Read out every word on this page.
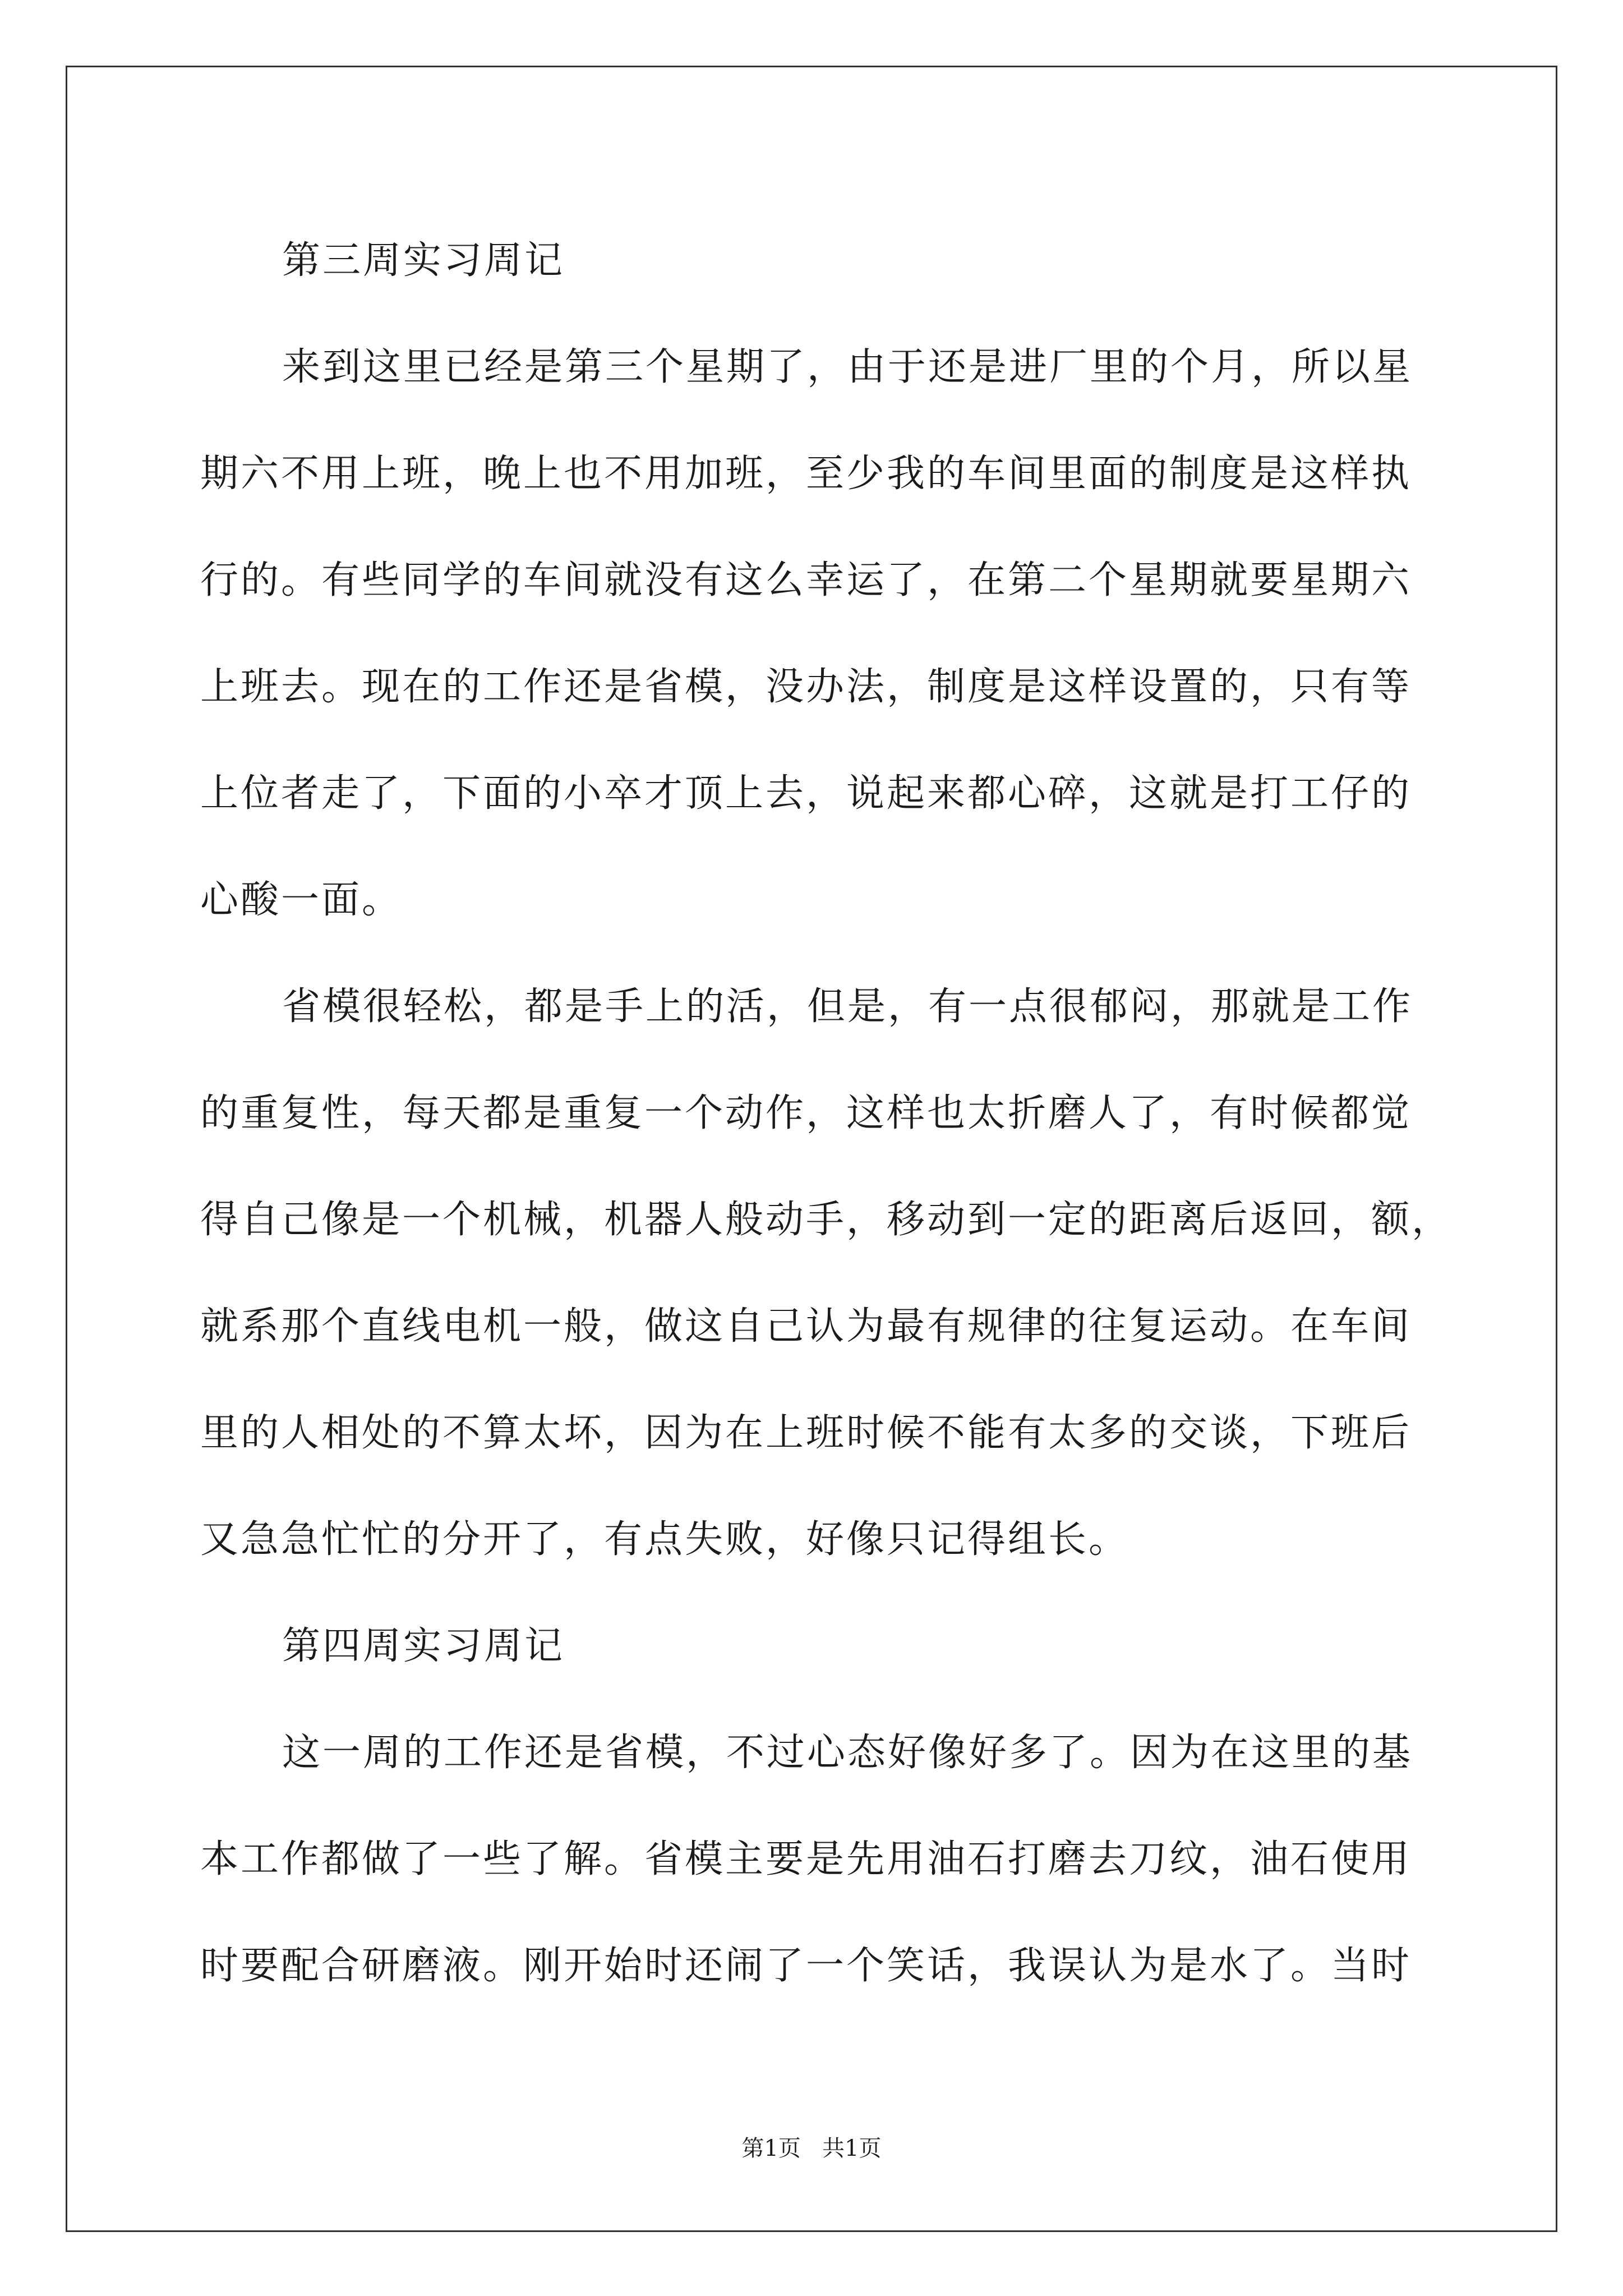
第三周实习周记
来到这里已经是第三个星期了，由于还是进厂里的个月，所以星
期六不用上班，晚上也不用加班，至少我的车间里面的制度是这样执
行的。有些同学的车间就没有这么幸运了，在第二个星期就要星期六
上班去。现在的工作还是省模，没办法，制度是这样设置的，只有等
上位者走了，下面的小卒才顶上去，说起来都心碎，这就是打工仔的
心酸一面。
省模很轻松，都是手上的活，但是，有一点很郁闷，那就是工作
的重复性，每天都是重复一个动作，这样也太折磨人了，有时候都觉
得自己像是一个机械，机器人般动手，移动到一定的距离后返回，额，
就系那个直线电机一般，做这自己认为最有规律的往复运动。在车间
里的人相处的不算太坏，因为在上班时候不能有太多的交谈，下班后
又急急忙忙的分开了，有点失败，好像只记得组长。
第四周实习周记
这一周的工作还是省模，不过心态好像好多了。因为在这里的基
本工作都做了一些了解。省模主要是先用油石打磨去刀纹，油石使用
时要配合研磨液。刚开始时还闹了一个笑话，我误认为是水了。当时
第1页   共1页
